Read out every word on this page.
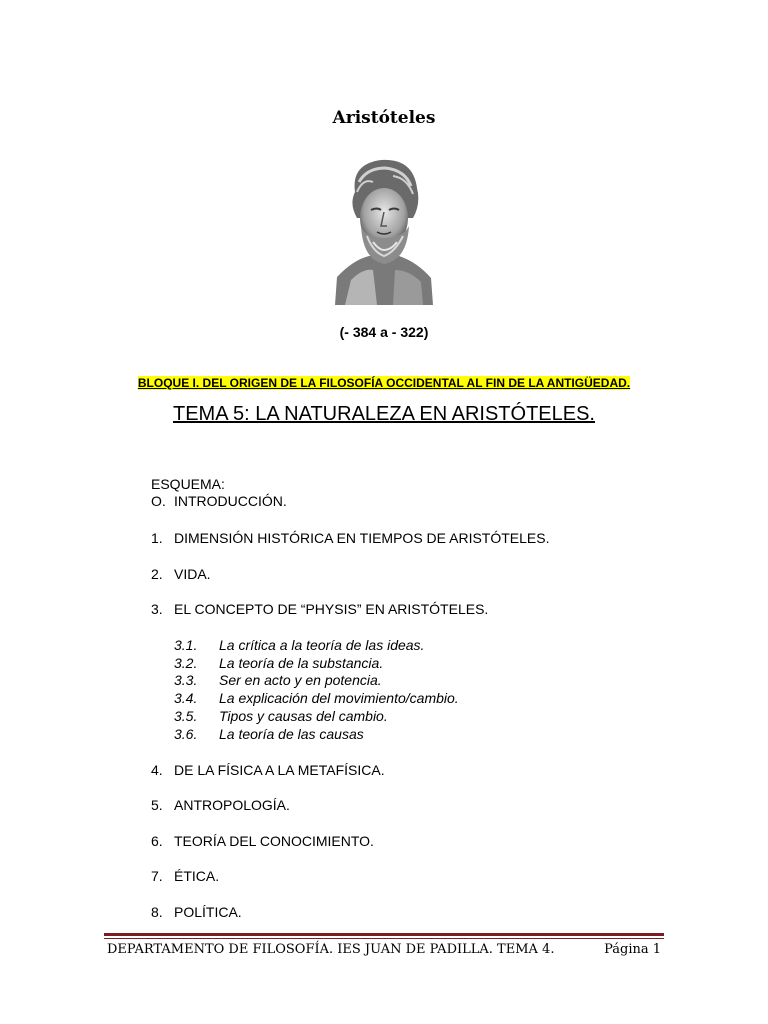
Aristóteles
(- 384 a - 322)
BLOQUE I. DEL ORIGEN DE LA FILOSOFÍA OCCIDENTAL AL FIN DE LA ANTIGÜEDAD.
TEMA 5: LA NATURALEZA EN ARISTÓTELES.
ESQUEMA:
O. INTRODUCCIÓN.
1. DIMENSIÓN HISTÓRICA EN TIEMPOS DE ARISTÓTELES.
2. VIDA.
3. EL CONCEPTO DE “PHYSIS” EN ARISTÓTELES.
3.1. La crítica a la teoría de las ideas.
3.2. La teoría de la substancia.
3.3. Ser en acto y en potencia.
3.4. La explicación del movimiento/cambio.
3.5. Tipos y causas del cambio.
3.6. La teoría de las causas
4. DE LA FÍSICA A LA METAFÍSICA.
5. ANTROPOLOGÍA.
6. TEORÍA DEL CONOCIMIENTO.
7. ÉTICA.
8. POLÍTICA.
DEPARTAMENTO DE FILOSOFÍA. IES JUAN DE PADILLA. TEMA 4.	Página 1
